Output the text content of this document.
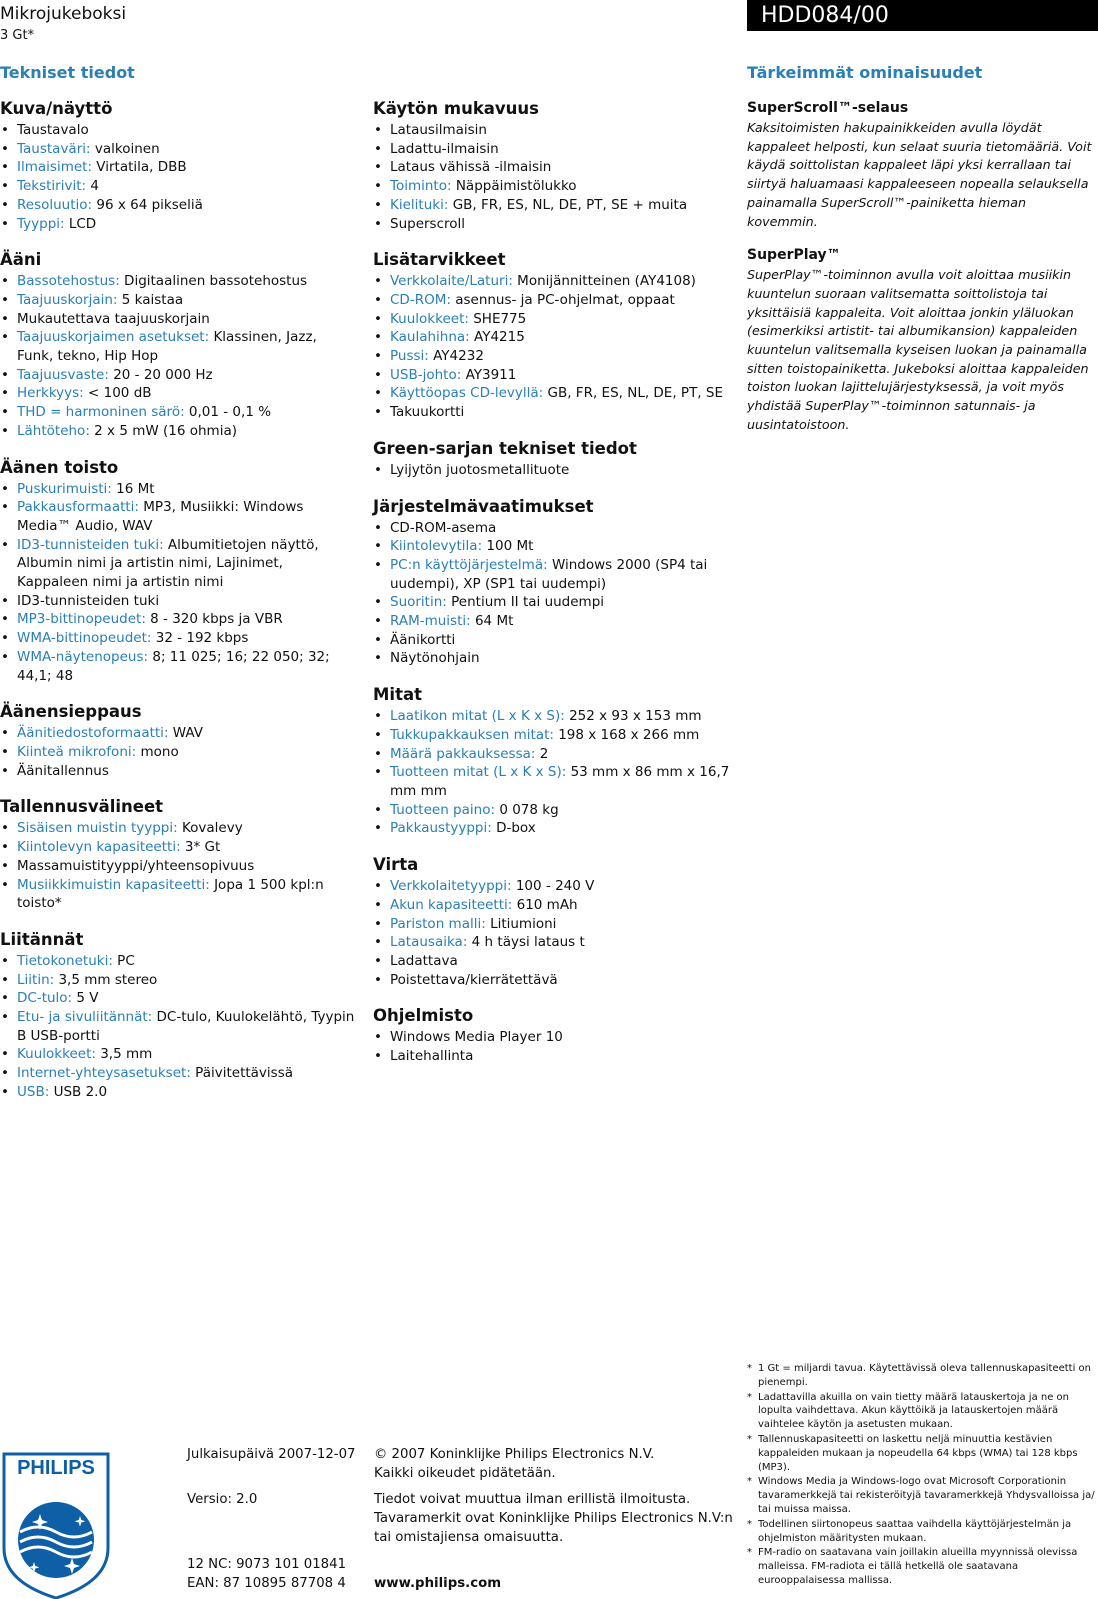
Mikrojukeboksi
3 Gt*
HDD084/00
Tekniset tiedot	Tärkeimmät ominaisuudet
Kuva/näyttö
• Taustavalo
• Taustaväri: valkoinen
• Ilmaisimet: Virtatila, DBB
• Tekstirivit: 4
• Resoluutio: 96 x 64 pikseliä
• Tyyppi: LCD
Ääni
• Bassotehostus: Digitaalinen bassotehostus
• Taajuuskorjain: 5 kaistaa
• Mukautettava taajuuskorjain
• Taajuuskorjaimen asetukset: Klassinen, Jazz, Funk, tekno, Hip Hop
• Taajuusvaste: 20 - 20 000 Hz
• Herkkyys: < 100 dB
• THD = harmoninen särö: 0,01 - 0,1 %
• Lähtöteho: 2 x 5 mW (16 ohmia)
Äänen toisto
• Puskurimuisti: 16 Mt
• Pakkausformaatti: MP3, Musiikki: Windows Media™ Audio, WAV
• ID3-tunnisteiden tuki: Albumitietojen näyttö, Albumin nimi ja artistin nimi, Lajinimet, Kappaleen nimi ja artistin nimi
• ID3-tunnisteiden tuki
• MP3-bittinopeudet: 8 - 320 kbps ja VBR
• WMA-bittinopeudet: 32 - 192 kbps
• WMA-näytenopeus: 8; 11 025; 16; 22 050; 32; 44,1; 48
Äänensieppaus
• Äänitiedostoformaatti: WAV
• Kiinteä mikrofoni: mono
• Äänitallennus
Tallennusvälineet
• Sisäisen muistin tyyppi: Kovalevy
• Kiintolevyn kapasiteetti: 3* Gt
• Massamuistityyppi/yhteensopivuus
• Musiikkimuistin kapasiteetti: Jopa 1 500 kpl:n toisto*
Liitännät
• Tietokonetuki: PC
• Liitin: 3,5 mm stereo
• DC-tulo: 5 V
• Etu- ja sivuliitännät: DC-tulo, Kuulokelähtö, Tyypin B USB-portti
• Kuulokkeet: 3,5 mm
• Internet-yhteysasetukset: Päivitettävissä
• USB: USB 2.0
Käytön mukavuus
• Latausilmaisin
• Ladattu-ilmaisin
• Lataus vähissä -ilmaisin
• Toiminto: Näppäimistölukko
• Kielituki: GB, FR, ES, NL, DE, PT, SE + muita
• Superscroll
Lisätarvikkeet
• Verkkolaite/Laturi: Monijännitteinen (AY4108)
• CD-ROM: asennus- ja PC-ohjelmat, oppaat
• Kuulokkeet: SHE775
• Kaulahihna: AY4215
• Pussi: AY4232
• USB-johto: AY3911
• Käyttöopas CD-levyllä: GB, FR, ES, NL, DE, PT, SE
• Takuukortti
Green-sarjan tekniset tiedot
• Lyijytön juotosmetallituote
Järjestelmävaatimukset
• CD-ROM-asema
• Kiintolevytila: 100 Mt
• PC:n käyttöjärjestelmä: Windows 2000 (SP4 tai uudempi), XP (SP1 tai uudempi)
• Suoritin: Pentium II tai uudempi
• RAM-muisti: 64 Mt
• Äänikortti
• Näytönohjain
Mitat
• Laatikon mitat (L x K x S): 252 x 93 x 153 mm
• Tukkupakkauksen mitat: 198 x 168 x 266 mm
• Määrä pakkauksessa: 2
• Tuotteen mitat (L x K x S): 53 mm x 86 mm x 16,7 mm mm
• Tuotteen paino: 0 078 kg
• Pakkaustyyppi: D-box
Virta
• Verkkolaitetyyppi: 100 - 240 V
• Akun kapasiteetti: 610 mAh
• Pariston malli: Litiumioni
• Latausaika: 4 h täysi lataus t
• Ladattava
• Poistettava/kierrätettävä
Ohjelmisto
• Windows Media Player 10
• Laitehallinta
SuperScroll™-selaus

Kaksitoimisten hakupainikkeiden avulla löydät kappaleet helposti, kun selaat suuria tietomääriä. Voit käydä soittolistan kappaleet läpi yksi kerrallaan tai siirtyä haluamaasi kappaleeseen nopealla selauksella painamalla SuperScroll™-painiketta hieman kovemmin.

SuperPlay™

SuperPlay™-toiminnon avulla voit aloittaa musiikin kuuntelun suoraan valitsematta soittolistoja tai yksittäisiä kappaleita. Voit aloittaa jonkin yläluokan (esimerkiksi artistit- tai albumikansion) kappaleiden kuuntelun valitsemalla kyseisen luokan ja painamalla sitten toistopainiketta. Jukeboksi aloittaa kappaleiden toiston luokan lajittelujärjestyksessä, ja voit myös yhdistää SuperPlay™-toiminnon satunnais- ja uusintatoistoon.

* 1 Gt = miljardi tavua. Käytettävissä oleva tallennuskapasiteetti on pienempi.
* Ladattavilla akuilla on vain tietty määrä latauskertoja ja ne on lopulta vaihdettava. Akun käyttöikä ja latauskertojen määrä vaihtelee käytön ja asetusten mukaan.
* Tallennuskapasiteetti on laskettu neljä minuuttia kestävien kappaleiden mukaan ja nopeudella 64 kbps (WMA) tai 128 kbps (MP3).
* Windows Media ja Windows-logo ovat Microsoft Corporationin tavaramerkkejä tai rekisteröityjä tavaramerkkejä Yhdysvalloissa ja/ tai muissa maissa.
* Todellinen siirtonopeus saattaa vaihdella käyttöjärjestelmän ja ohjelmiston määritysten mukaan.
* FM-radio on saatavana vain joillakin alueilla myynnissä olevissa malleissa. FM-radiota ei tällä hetkellä ole saatavana eurooppalaisessa mallissa.
PHILIPS
Julkaisupäivä 2007-12-07
Versio: 2.0
12 NC: 9073 101 01841
EAN: 87 10895 87708 4
© 2007 Koninklijke Philips Electronics N.V.
Kaikki oikeudet pidätetään.
Tiedot voivat muuttua ilman erillistä ilmoitusta. Tavaramerkit ovat Koninklijke Philips Electronics N.V:n tai omistajiensa omaisuutta.
www.philips.com
